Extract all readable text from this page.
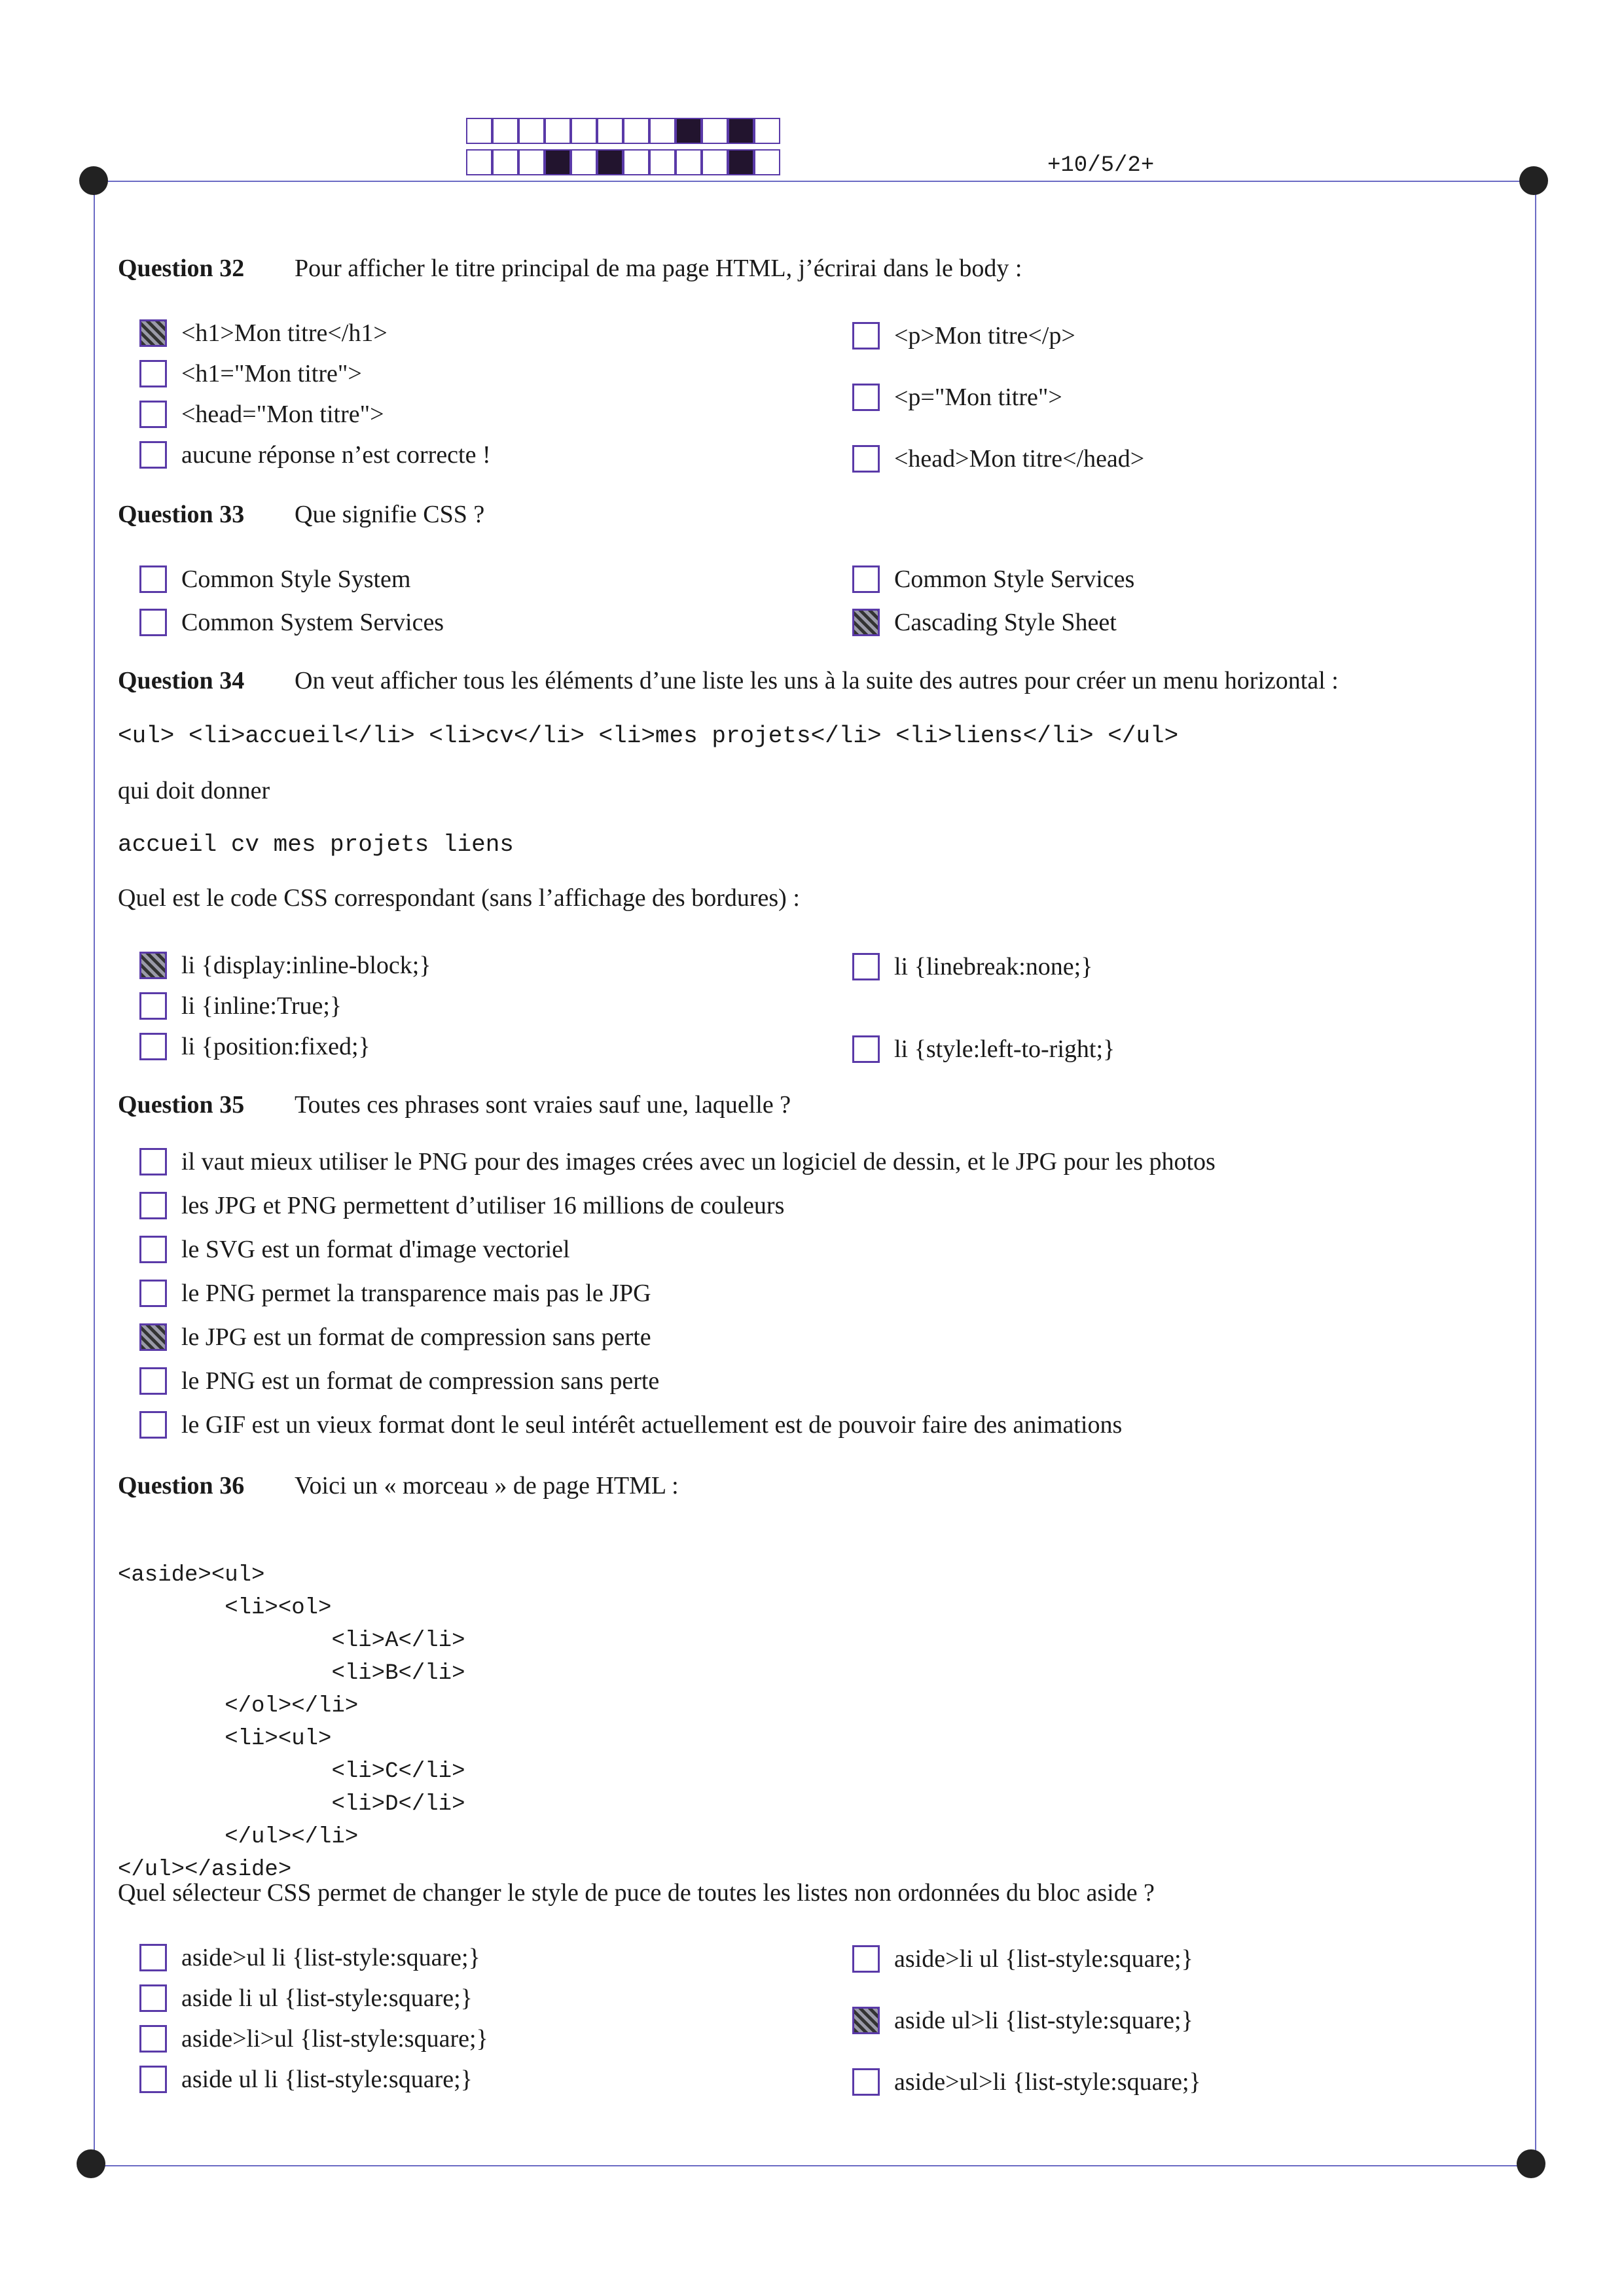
+10/5/2+
Question 32 Pour afficher le titre principal de ma page HTML, j’écrirai dans le body :
<h1>Mon titre</h1>
<h1="Mon titre">
<head="Mon titre">
aucune réponse n’est correcte !
<p>Mon titre</p>
<p="Mon titre">
<head>Mon titre</head>
Question 33 Que signifie CSS ?
Common Style System
Common System Services
Common Style Services
Cascading Style Sheet
Question 34 On veut afficher tous les éléments d’une liste les uns à la suite des autres pour créer un menu horizontal :
<ul> <li>accueil</li> <li>cv</li> <li>mes projets</li> <li>liens</li> </ul>
qui doit donner
accueil cv mes projets liens
Quel est le code CSS correspondant (sans l’affichage des bordures) :
li {display:inline-block;}
li {inline:True;}
li {position:fixed;}
li {linebreak:none;}
li {style:left-to-right;}
Question 35 Toutes ces phrases sont vraies sauf une, laquelle ?
il vaut mieux utiliser le PNG pour des images crées avec un logiciel de dessin, et le JPG pour les photos
les JPG et PNG permettent d’utiliser 16 millions de couleurs
le SVG est un format d'image vectoriel
le PNG permet la transparence mais pas le JPG
le JPG est un format de compression sans perte
le PNG est un format de compression sans perte
le GIF est un vieux format dont le seul intérêt actuellement est de pouvoir faire des animations
Question 36 Voici un « morceau » de page HTML :

<aside><ul>
<li><ol>
<li>A</li>
<li>B</li>
</ol></li>
<li><ul>
<li>C</li>
<li>D</li>
</ul></li>
</ul></aside>

Quel sélecteur CSS permet de changer le style de puce de toutes les listes non ordonnées du bloc aside ?
aside>ul li {list-style:square;}
aside li ul {list-style:square;}
aside>li>ul {list-style:square;}
aside ul li {list-style:square;}
aside>li ul {list-style:square;}
aside ul>li {list-style:square;}
aside>ul>li {list-style:square;}
